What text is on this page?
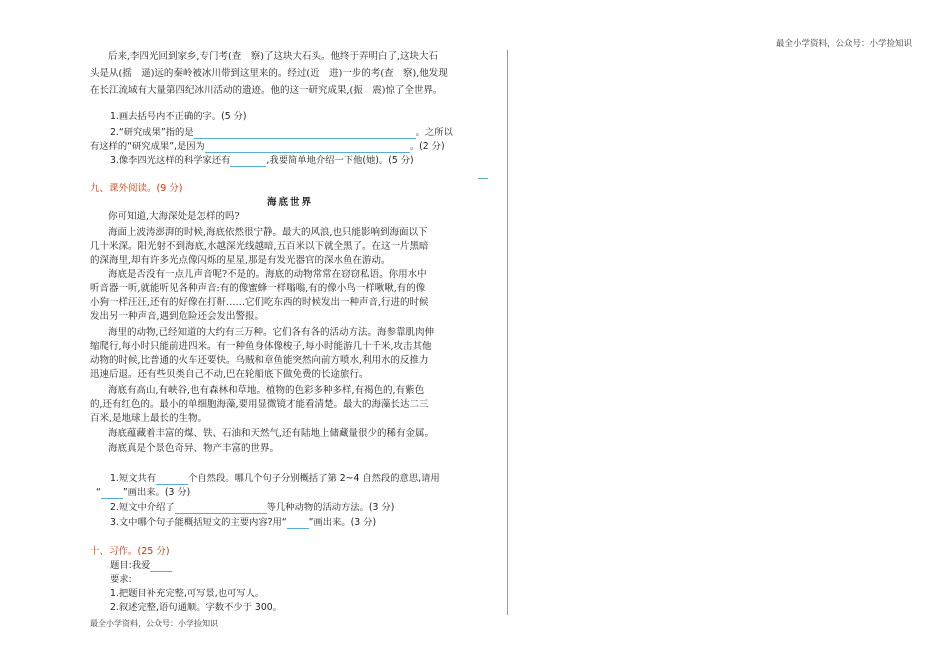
最全小学资料，公众号：小学捡知识
后来,李四光回到家乡,专门考(查　察)了这块大石头。他终于弄明白了,这块大石
头是从(摇　遥)远的秦岭被冰川带到这里来的。经过(近　进)一步的考(查　察),他发现
在长江流域有大量第四纪冰川活动的遗迹。他的这一研究成果,(振　震)惊了全世界。
1.画去括号内不正确的字。(5 分)
2.“研究成果”指的是	。之所以
有这样的“研究成果”,是因为	。(2 分)
3.像李四光这样的科学家还有	,我要简单地介绍一下他(她)。(5 分)
九、课外阅读。(9 分)
海底世界
你可知道,大海深处是怎样的吗?
海面上波涛澎湃的时候,海底依然很宁静。最大的风浪,也只能影响到海面以下
几十米深。阳光射不到海底,水越深光线越暗,五百米以下就全黑了。在这一片黑暗
的深海里,却有许多光点像闪烁的星星,那是有发光器官的深水鱼在游动。
海底是否没有一点儿声音呢?不是的。海底的动物常常在窃窃私语。你用水中
听音器一听,就能听见各种声音:有的像蜜蜂一样嗡嗡,有的像小鸟一样啾啾,有的像
小狗一样汪汪,还有的好像在打鼾……它们吃东西的时候发出一种声音,行进的时候
发出另一种声音,遇到危险还会发出警报。
海里的动物,已经知道的大约有三万种。它们各有各的活动方法。海参靠肌肉伸
缩爬行,每小时只能前进四米。有一种鱼身体像梭子,每小时能游几十千米,攻击其他
动物的时候,比普通的火车还要快。乌贼和章鱼能突然向前方喷水,利用水的反推力
迅速后退。还有些贝类自己不动,巴在轮船底下做免费的长途旅行。
海底有高山,有峡谷,也有森林和草地。植物的色彩多种多样,有褐色的,有紫色
的,还有红色的。最小的单细胞海藻,要用显微镜才能看清楚。最大的海藻长达二三
百米,是地球上最长的生物。
海底蕴藏着丰富的煤、铁、石油和天然气,还有陆地上储藏量很少的稀有金属。
海底真是个景色奇异、物产丰富的世界。
1.短文共有	个自然段。哪几个句子分别概括了第 2~4 自然段的意思,请用
“ ”画出来。(3 分)
2.短文中介绍了	等几种动物的活动方法。(3 分)
3.文中哪个句子能概括短文的主要内容?用“ ”画出来。(3 分)
十、习作。(25 分)
题目:我爱
要求:
1.把题目补充完整,可写景,也可写人。
2.叙述完整,语句通顺。字数不少于 300。
最全小学资料，公众号：小学捡知识
